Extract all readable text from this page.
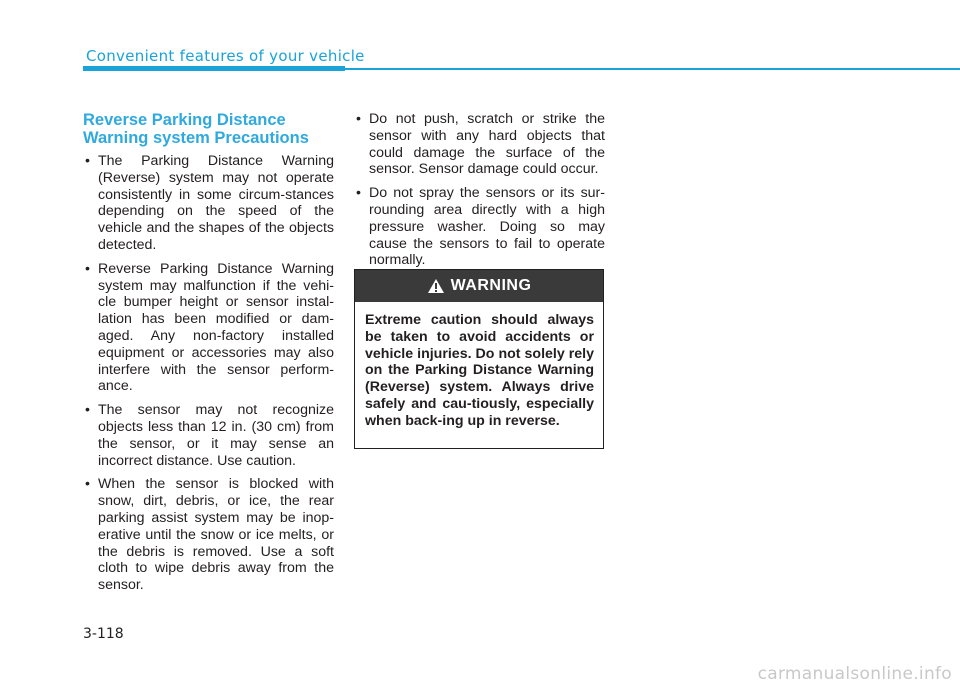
Convenient features of your vehicle
Reverse Parking Distance
Warning system Precautions
• The Parking Distance Warning (Reverse) system may not operate consistently in some circum-stances depending on the speed of the vehicle and the shapes of the objects detected.
• Reverse Parking Distance Warning system may malfunction if the vehi-cle bumper height or sensor instal-lation has been modified or dam-aged. Any non-factory installed equipment or accessories may also interfere with the sensor perform-ance.
• The sensor may not recognize objects less than 12 in. (30 cm) from the sensor, or it may sense an incorrect distance. Use caution.
• When the sensor is blocked with snow, dirt, debris, or ice, the rear parking assist system may be inop-erative until the snow or ice melts, or the debris is removed. Use a soft cloth to wipe debris away from the sensor.
• Do not push, scratch or strike the sensor with any hard objects that could damage the surface of the sensor. Sensor damage could occur.
• Do not spray the sensors or its sur-rounding area directly with a high pressure washer. Doing so may cause the sensors to fail to operate normally.
WARNING
Extreme caution should always be taken to avoid accidents or vehicle injuries. Do not solely rely on the Parking Distance Warning (Reverse) system. Always drive safely and cau-tiously, especially when back-ing up in reverse.
3-118
carmanualsonline.info
